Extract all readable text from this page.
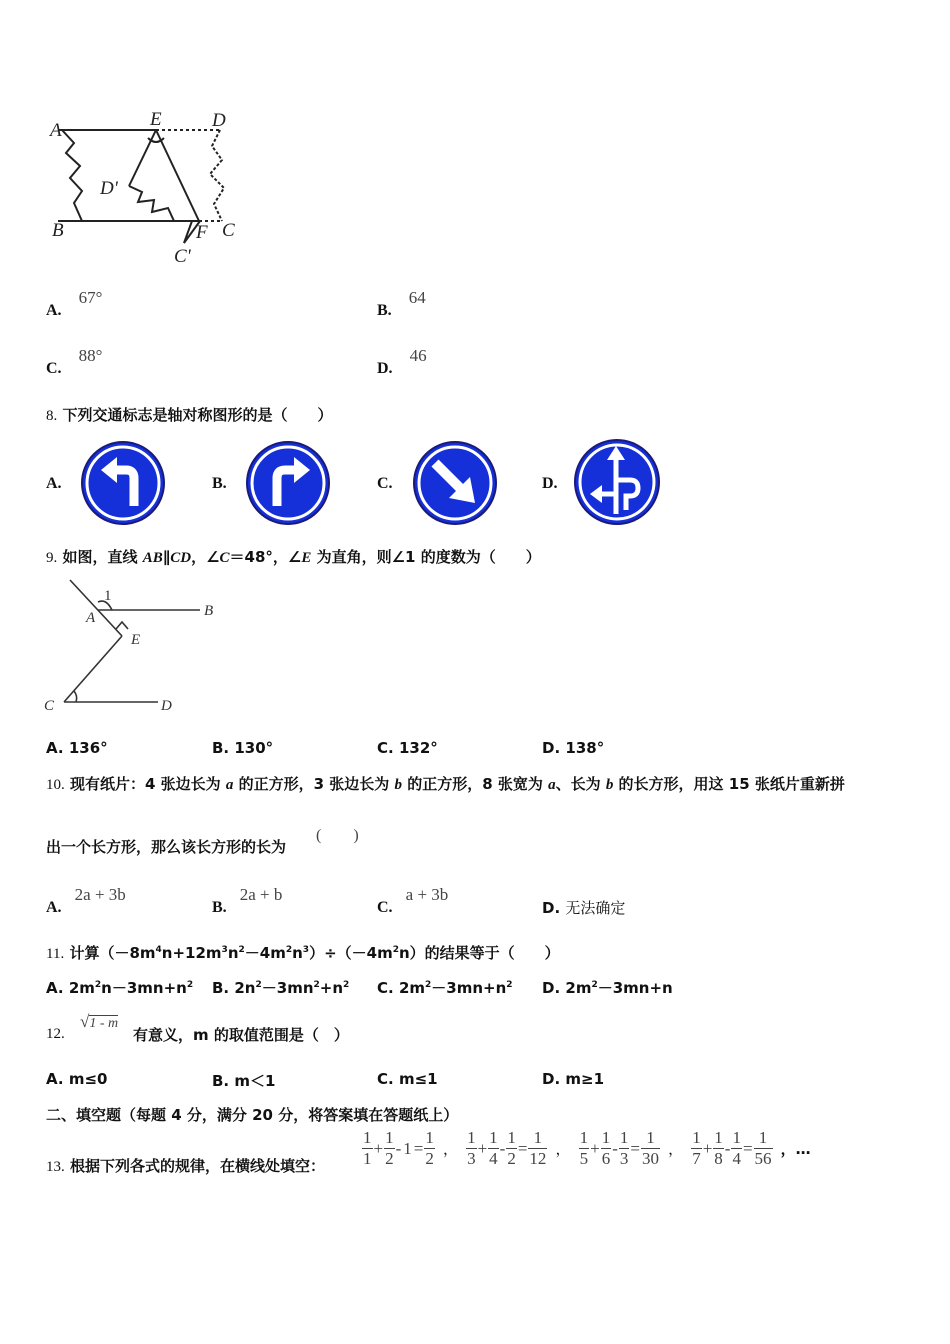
A
E	D
D'
B	F C
C'
A. 67°
B. 64
C. 88°
D. 46
8. 下列交通标志是轴对称图形的是（　　）
A.	B.	C.	D.
9. 如图，直线 AB∥CD，∠C＝48°，∠E 为直角，则∠1 的度数为（　　）
1
A	B
E
C	D
A. 136°	B. 130°	C. 132°	D. 138°
10. 现有纸片：4 张边长为 a 的正方形，3 张边长为 b 的正方形，8 张宽为 a、长为 b 的长方形，用这 15 张纸片重新拼
出一个长方形，那么该长方形的长为
(　　)
A. 2a + 3b
B. 2a + b
C. a + 3b
D. 无法确定
11. 计算$(-8m^4n+12m^3n^2-4m^2n^3)\div(-4m^2n)$的结果等于（　　）
A. $2m^2n-3mn+n^2$ B. $2n^2-3mn^2+n^2$ C. $2m^2-3mn+n^2$ D. $2m^2-3mn+n$
12.
√1 - m
有意义，m 的取值范围是（　）
A. m≤0	B. m＜1	C. m≤1	D. m≥1
二、填空题（每题 4 分，满分 20 分，将答案填在答题纸上）
13. 根据下列各式的规律，在横线处填空： $\frac{1}{1} + \frac{1}{2} - 1 = \frac{1}{2}$ ， $\frac{1}{3} + \frac{1}{4} - \frac{1}{2} = \frac{1}{12}$ ， $\frac{1}{5} + \frac{1}{6} - \frac{1}{3} = \frac{1}{30}$ ， $\frac{1}{7} + \frac{1}{8} - \frac{1}{4} = \frac{1}{56}$ ，…
